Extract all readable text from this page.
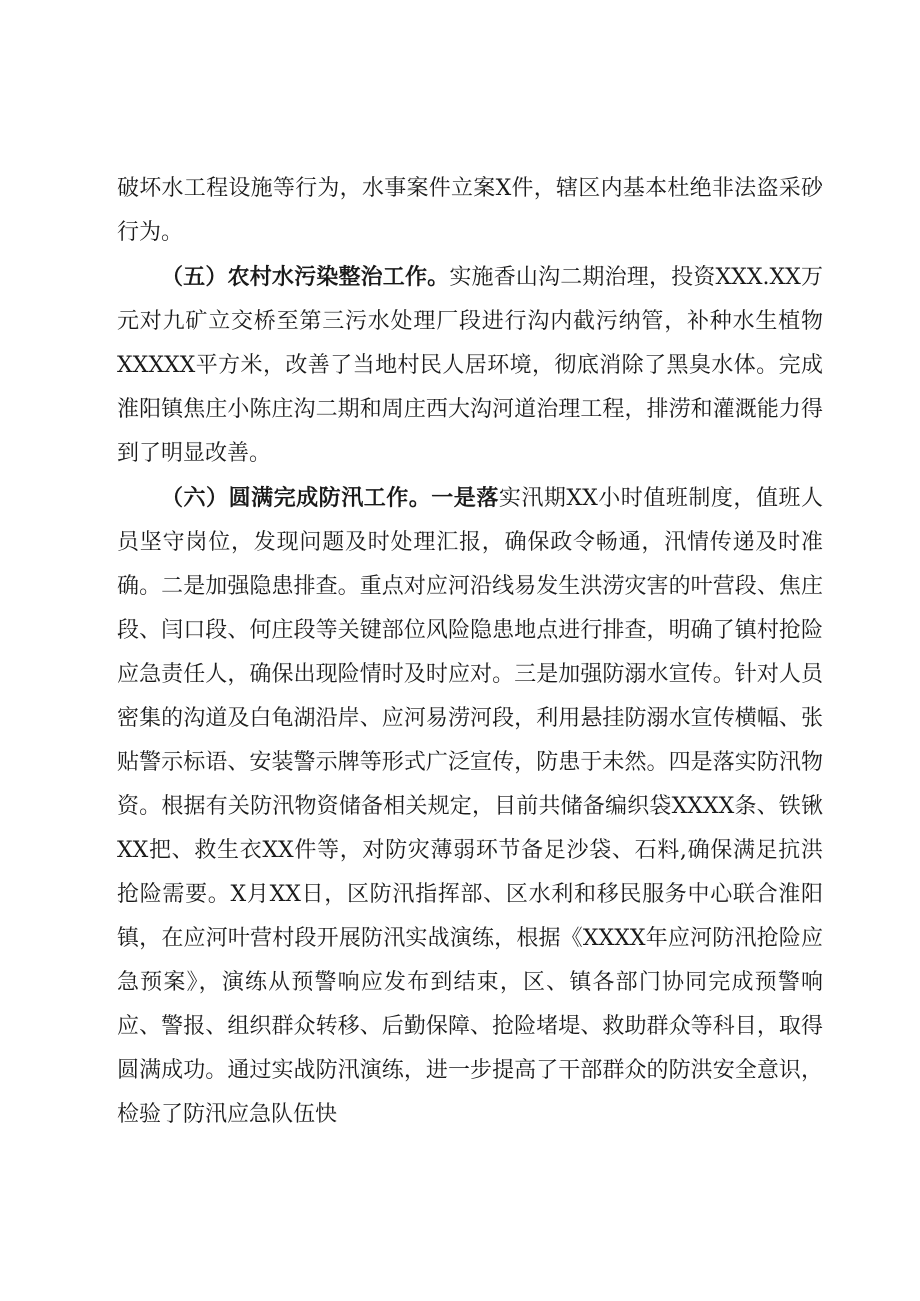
破坏水工程设施等行为，水事案件立案X件，辖区内基本杜绝非法盗采砂行为。

（五）农村水污染整治工作。实施香山沟二期治理，投资XXX.XX万元对九矿立交桥至第三污水处理厂段进行沟内截污纳管，补种水生植物XXXXX平方米，改善了当地村民人居环境，彻底消除了黑臭水体。完成淮阳镇焦庄小陈庄沟二期和周庄西大沟河道治理工程，排涝和灌溉能力得到了明显改善。

（六）圆满完成防汛工作。一是落实汛期XX小时值班制度，值班人员坚守岗位，发现问题及时处理汇报，确保政令畅通，汛情传递及时准确。二是加强隐患排查。重点对应河沿线易发生洪涝灾害的叶营段、焦庄段、闫口段、何庄段等关键部位风险隐患地点进行排查，明确了镇村抢险应急责任人，确保出现险情时及时应对。三是加强防溺水宣传。针对人员密集的沟道及白龟湖沿岸、应河易涝河段，利用悬挂防溺水宣传横幅、张贴警示标语、安装警示牌等形式广泛宣传，防患于未然。四是落实防汛物资。根据有关防汛物资储备相关规定，目前共储备编织袋XXXX条、铁锹XX把、救生衣XX件等，对防灾薄弱环节备足沙袋、石料,确保满足抗洪抢险需要。X月XX日，区防汛指挥部、区水利和移民服务中心联合淮阳镇，在应河叶营村段开展防汛实战演练，根据《XXXX年应河防汛抢险应急预案》，演练从预警响应发布到结束，区、镇各部门协同完成预警响应、警报、组织群众转移、后勤保障、抢险堵堤、救助群众等科目，取得圆满成功。通过实战防汛演练，进一步提高了干部群众的防洪安全意识，检验了防汛应急队伍快
